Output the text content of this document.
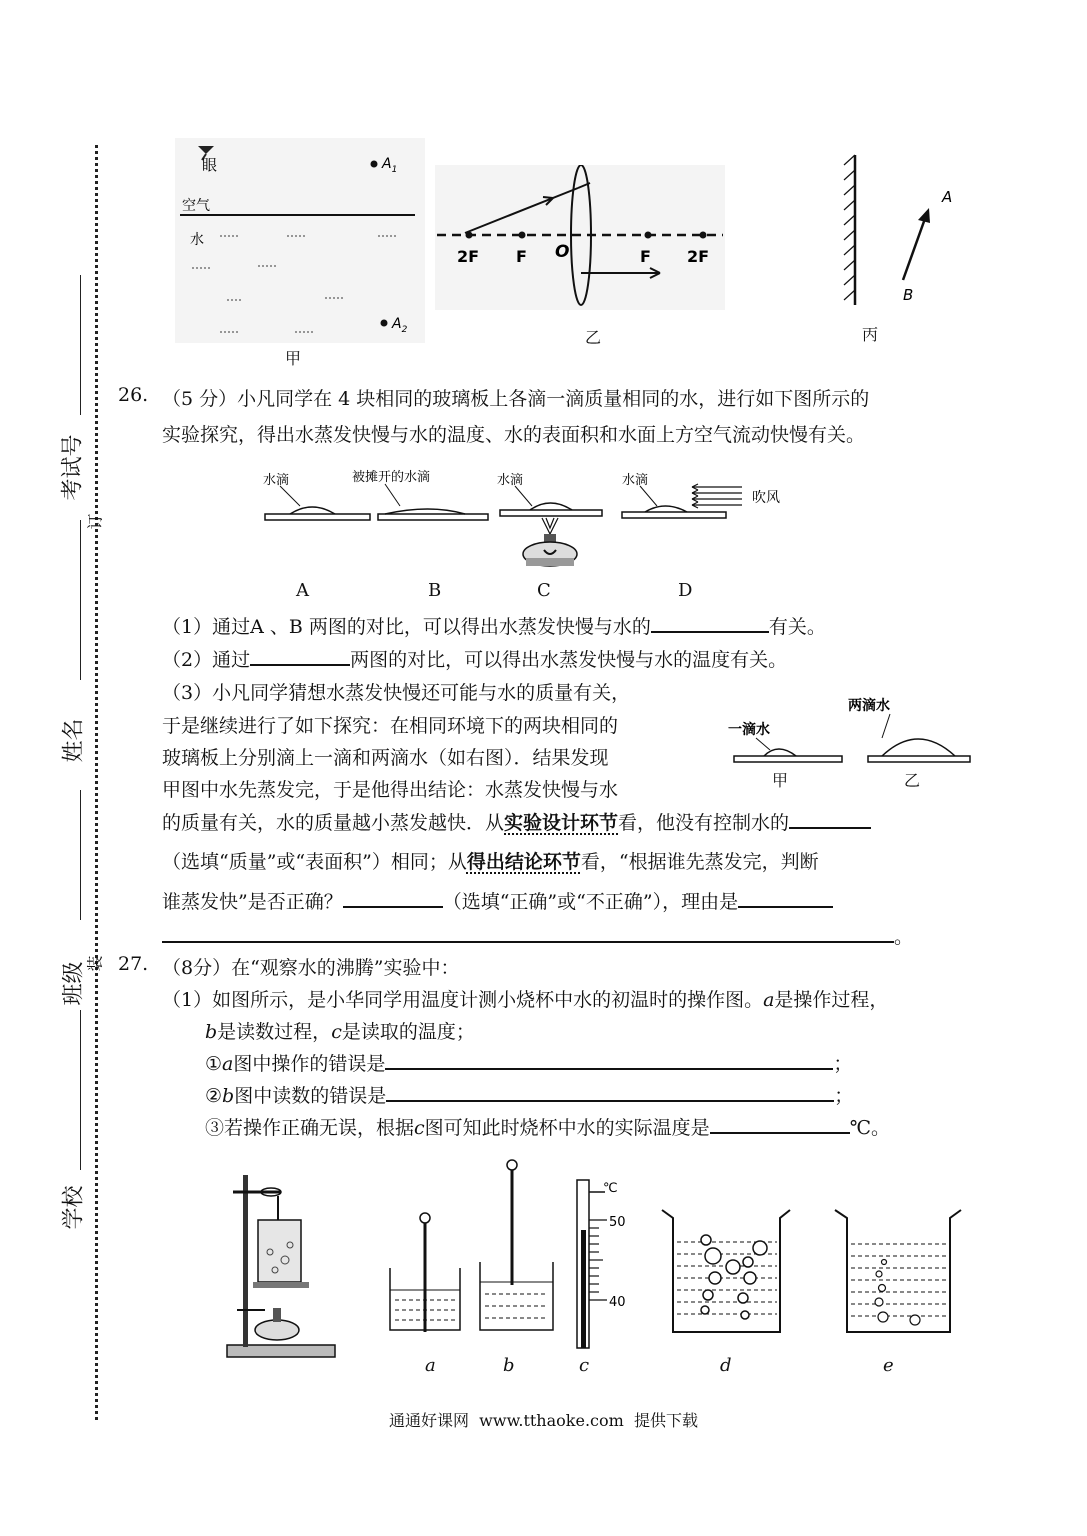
考试号
订
姓名
班级 装
学校
眼	$A_1$
空气
水
$A_2$
甲
2F F O	F 2F
乙
A
B
丙
26. （5 分）小凡同学在 4 块相同的玻璃板上各滴一滴质量相同的水，进行如下图所示的
实验探究，得出水蒸发快慢与水的温度、水的表面积和水面上方空气流动快慢有关。
水滴	被摊开的水滴	水滴	水滴
吹风
A	B	C	D
（1）通过A 、B 两图的对比，可以得出水蒸发快慢与水的	有关。
（2）通过	两图的对比，可以得出水蒸发快慢与水的温度有关。
（3）小凡同学猜想水蒸发快慢还可能与水的质量有关，
于是继续进行了如下探究：在相同环境下的两块相同的
玻璃板上分别滴上一滴和两滴水（如右图）．结果发现
甲图中水先蒸发完，于是他得出结论：水蒸发快慢与水
两滴水
一滴水
甲	乙
的质量有关，水的质量越小蒸发越快．从实验设计环节看，他没有控制水的
（选填“质量”或“表面积”）相同；从得出结论环节看，“根据谁先蒸发完，判断
谁蒸发快”是否正确？	（选填“正确”或“不正确”），理由是
。
27. （8分）在“观察水的沸腾”实验中：
（1）如图所示，是小华同学用温度计测小烧杯中水的初温时的操作图。a是操作过程，
b是读数过程，c是读取的温度；
①a图中操作的错误是	；
②b图中读数的错误是	；
③若操作正确无误，根据c图可知此时烧杯中水的实际温度是	℃。
℃
50
40
a	b	c	d	e
通通好课网  www.tthaoke.com  提供下载
